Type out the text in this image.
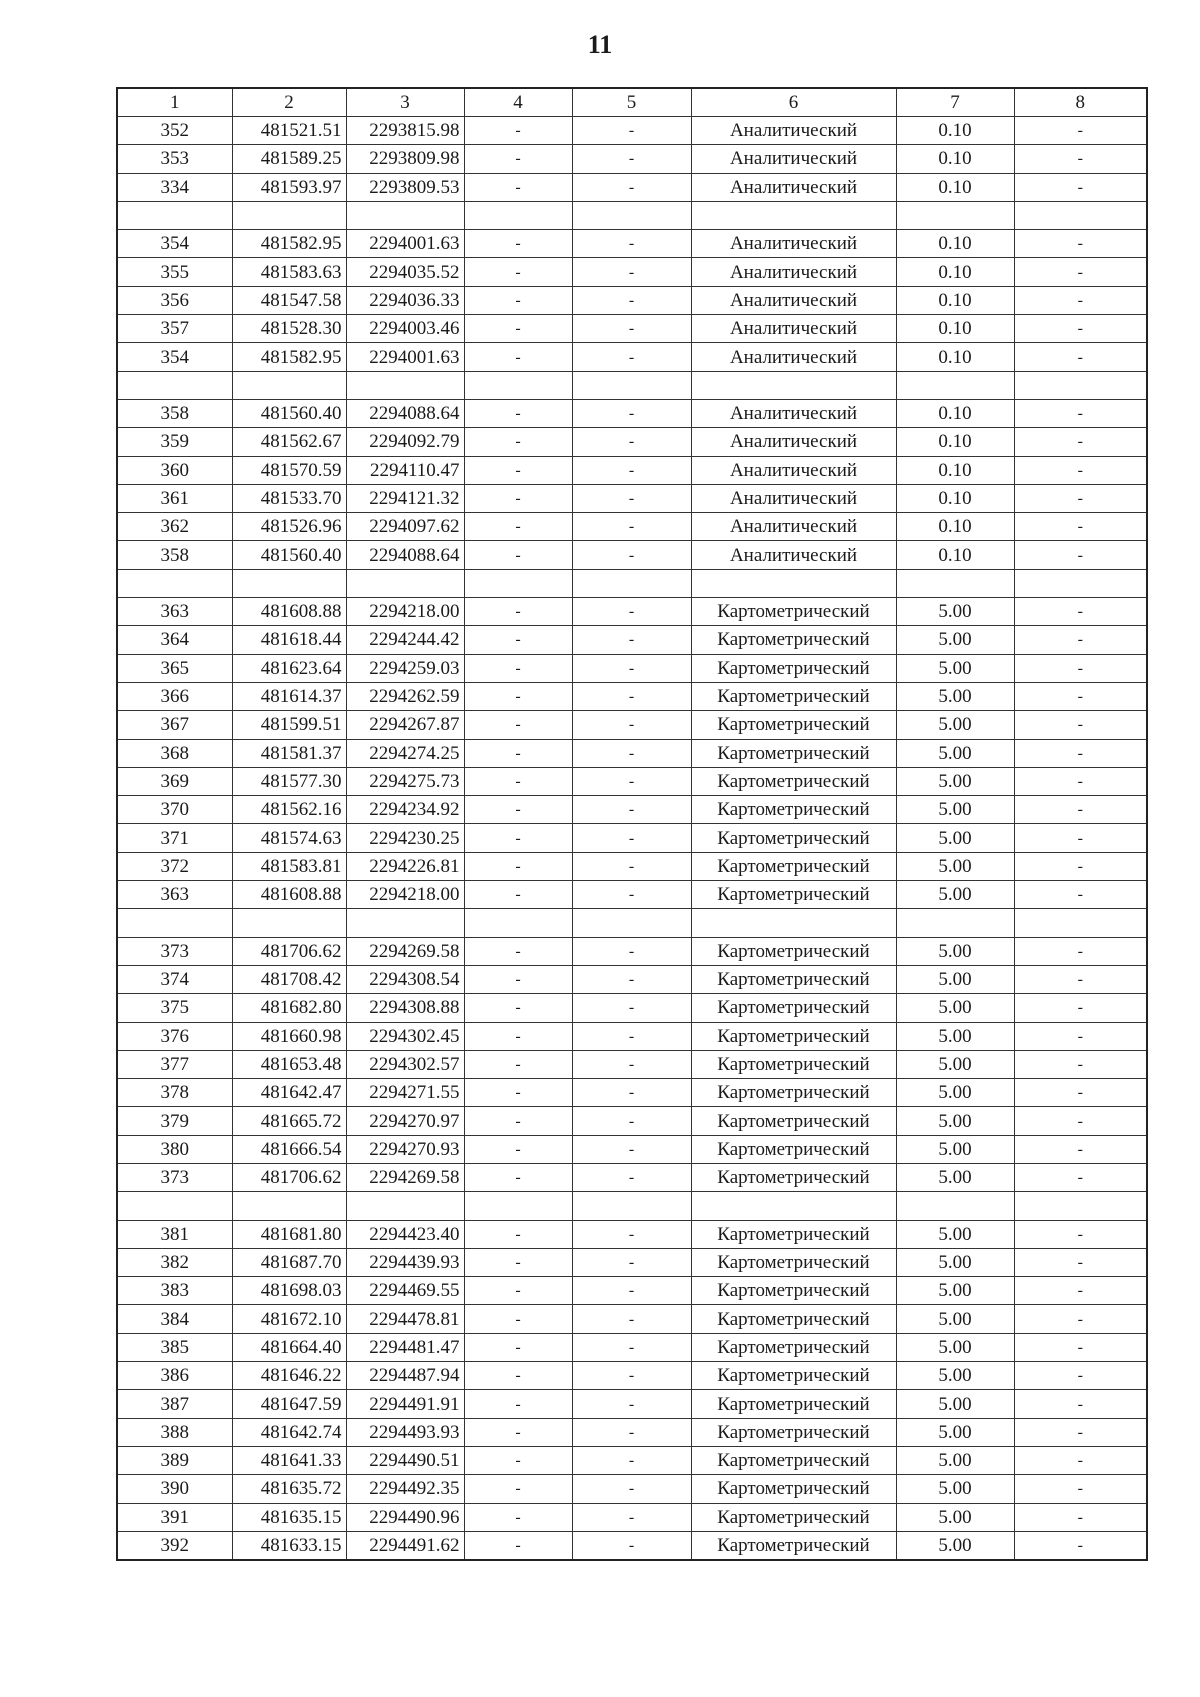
11
1	2	3	4	5	6	7	8
352	481521.51	2293815.98	-	-	Аналитический	0.10	-
353	481589.25	2293809.98	-	-	Аналитический	0.10	-
334	481593.97	2293809.53	-	-	Аналитический	0.10	-

354	481582.95	2294001.63	-	-	Аналитический	0.10	-
355	481583.63	2294035.52	-	-	Аналитический	0.10	-
356	481547.58	2294036.33	-	-	Аналитический	0.10	-
357	481528.30	2294003.46	-	-	Аналитический	0.10	-
354	481582.95	2294001.63	-	-	Аналитический	0.10	-

358	481560.40	2294088.64	-	-	Аналитический	0.10	-
359	481562.67	2294092.79	-	-	Аналитический	0.10	-
360	481570.59	2294110.47	-	-	Аналитический	0.10	-
361	481533.70	2294121.32	-	-	Аналитический	0.10	-
362	481526.96	2294097.62	-	-	Аналитический	0.10	-
358	481560.40	2294088.64	-	-	Аналитический	0.10	-

363	481608.88	2294218.00	-	-	Картометрический	5.00	-
364	481618.44	2294244.42	-	-	Картометрический	5.00	-
365	481623.64	2294259.03	-	-	Картометрический	5.00	-
366	481614.37	2294262.59	-	-	Картометрический	5.00	-
367	481599.51	2294267.87	-	-	Картометрический	5.00	-
368	481581.37	2294274.25	-	-	Картометрический	5.00	-
369	481577.30	2294275.73	-	-	Картометрический	5.00	-
370	481562.16	2294234.92	-	-	Картометрический	5.00	-
371	481574.63	2294230.25	-	-	Картометрический	5.00	-
372	481583.81	2294226.81	-	-	Картометрический	5.00	-
363	481608.88	2294218.00	-	-	Картометрический	5.00	-

373	481706.62	2294269.58	-	-	Картометрический	5.00	-
374	481708.42	2294308.54	-	-	Картометрический	5.00	-
375	481682.80	2294308.88	-	-	Картометрический	5.00	-
376	481660.98	2294302.45	-	-	Картометрический	5.00	-
377	481653.48	2294302.57	-	-	Картометрический	5.00	-
378	481642.47	2294271.55	-	-	Картометрический	5.00	-
379	481665.72	2294270.97	-	-	Картометрический	5.00	-
380	481666.54	2294270.93	-	-	Картометрический	5.00	-
373	481706.62	2294269.58	-	-	Картометрический	5.00	-

381	481681.80	2294423.40	-	-	Картометрический	5.00	-
382	481687.70	2294439.93	-	-	Картометрический	5.00	-
383	481698.03	2294469.55	-	-	Картометрический	5.00	-
384	481672.10	2294478.81	-	-	Картометрический	5.00	-
385	481664.40	2294481.47	-	-	Картометрический	5.00	-
386	481646.22	2294487.94	-	-	Картометрический	5.00	-
387	481647.59	2294491.91	-	-	Картометрический	5.00	-
388	481642.74	2294493.93	-	-	Картометрический	5.00	-
389	481641.33	2294490.51	-	-	Картометрический	5.00	-
390	481635.72	2294492.35	-	-	Картометрический	5.00	-
391	481635.15	2294490.96	-	-	Картометрический	5.00	-
392	481633.15	2294491.62	-	-	Картометрический	5.00	-
